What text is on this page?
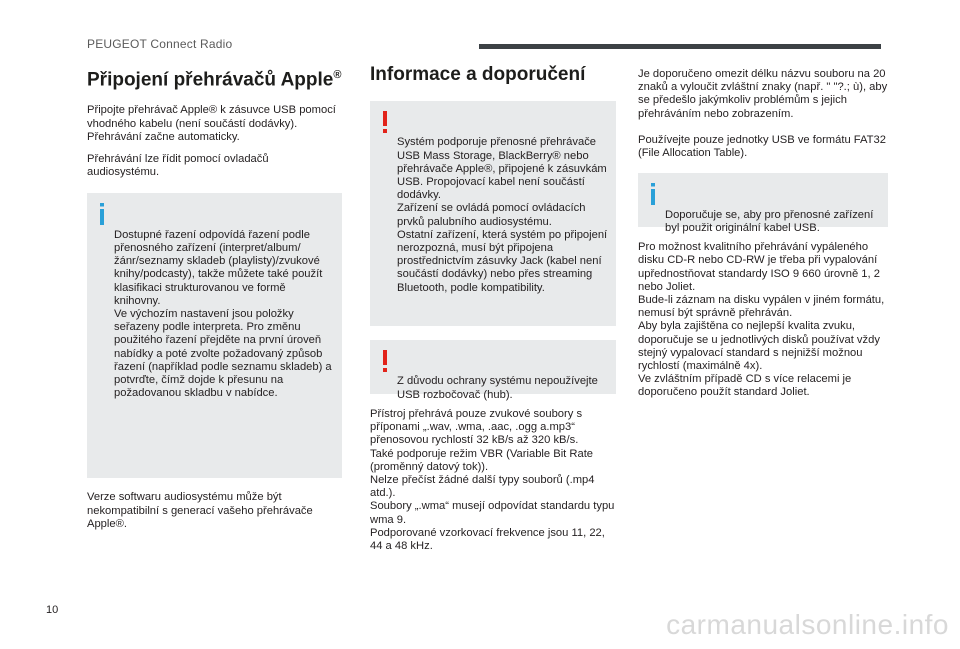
PEUGEOT Connect Radio
Připojení přehrávačů Apple®

Připojte přehrávač Apple® k zásuvce USB pomocí vhodného kabelu (není součástí dodávky).
Přehrávání začne automaticky.

Přehrávání lze řídit pomocí ovladačů audiosystému.

Dostupné řazení odpovídá řazení podle přenosného zařízení (interpret/album/žánr/seznamy skladeb (playlisty)/zvukové knihy/podcasty), takže můžete také použít klasifikaci strukturovanou ve formě knihovny.
Ve výchozím nastavení jsou položky seřazeny podle interpreta. Pro změnu použitého řazení přejděte na první úroveň nabídky a poté zvolte požadovaný způsob řazení (například podle seznamu skladeb) a potvrďte, čímž dojde k přesunu na požadovanou skladbu v nabídce.

Verze softwaru audiosystému může být nekompatibilní s generací vašeho přehrávače Apple®.

Informace a doporučení

Systém podporuje přenosné přehrávače USB Mass Storage, BlackBerry® nebo přehrávače Apple®, připojené k zásuvkám USB. Propojovací kabel není součástí dodávky.
Zařízení se ovládá pomocí ovládacích prvků palubního audiosystému.
Ostatní zařízení, která systém po připojení nerozpozná, musí být připojena prostřednictvím zásuvky Jack (kabel není součástí dodávky) nebo přes streaming Bluetooth, podle kompatibility.

Z důvodu ochrany systému nepoužívejte USB rozbočovač (hub).

Přístroj přehrává pouze zvukové soubory s příponami „.wav, .wma, .aac, .ogg a.mp3“ přenosovou rychlostí 32 kB/s až 320 kB/s.
Také podporuje režim VBR (Variable Bit Rate (proměnný datový tok)).
Nelze přečíst žádné další typy souborů (.mp4 atd.).
Soubory „.wma“ musejí odpovídat standardu typu wma 9.
Podporované vzorkovací frekvence jsou 11, 22, 44 a 48 kHz.

Je doporučeno omezit délku názvu souboru na 20 znaků a vyloučit zvláštní znaky (např. " "?.; ù), aby se předešlo jakýmkoliv problémům s jejich přehráváním nebo zobrazením.

Používejte pouze jednotky USB ve formátu FAT32 (File Allocation Table).

Doporučuje se, aby pro přenosné zařízení byl použit originální kabel USB.

Pro možnost kvalitního přehrávání vypáleného disku CD-R nebo CD-RW je třeba při vypalování upřednostňovat standardy ISO 9 660 úrovně 1, 2 nebo Joliet.
Bude-li záznam na disku vypálen v jiném formátu, nemusí být správně přehráván.
Aby byla zajištěna co nejlepší kvalita zvuku, doporučuje se u jednotlivých disků používat vždy stejný vypalovací standard s nejnižší možnou rychlostí (maximálně 4x).
Ve zvláštním případě CD s více relacemi je doporučeno použít standard Joliet.

10	carmanualsonline.info
